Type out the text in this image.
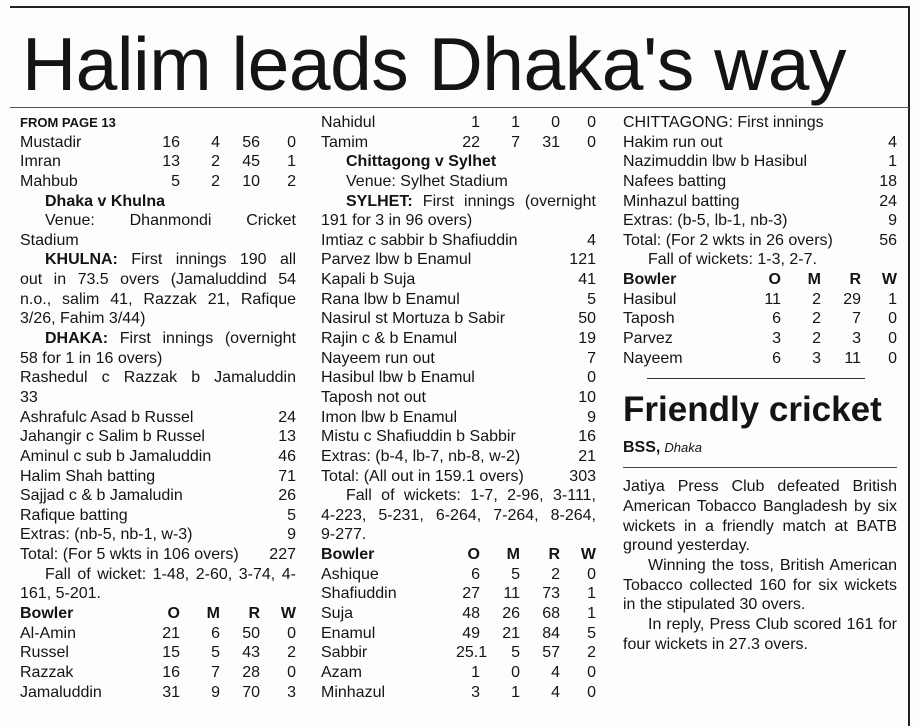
Halim leads Dhaka's way
FROM PAGE 13
Mustadir	16	4	56	0
Imran	13	2	45	1
Mahbub	5	2	10	2
Dhaka v Khulna
Venue: Dhanmondi Cricket
Stadium
KHULNA: First innings 190 all
out in 73.5 overs (Jamaluddind 54
n.o., salim 41, Razzak 21, Rafique
3/26, Fahim 3/44)
DHAKA: First innings (overnight
58 for 1 in 16 overs)
Rashedul c Razzak b Jamaluddin
33
Ashrafulc Asad b Russel	24
Jahangir c Salim b Russel	13
Aminul c sub b Jamaluddin	46
Halim Shah batting	71
Sajjad c & b Jamaludin	26
Rafique batting	5
Extras: (nb-5, nb-1, w-3)	9
Total: (For 5 wkts in 106 overs)	227
Fall of wicket: 1-48, 2-60, 3-74, 4-
161, 5-201.
Bowler	O	M	R	W
Al-Amin	21	6	50	0
Russel	15	5	43	2
Razzak	16	7	28	0
Jamaluddin	31	9	70	3
Nahidul	1	1	0	0
Tamim	22	7	31	0
Chittagong v Sylhet
Venue: Sylhet Stadium
SYLHET: First innings (overnight
191 for 3 in 96 overs)
Imtiaz c sabbir b Shafiuddin	4
Parvez lbw b Enamul	121
Kapali b Suja	41
Rana lbw b Enamul	5
Nasirul st Mortuza b Sabir	50
Rajin c & b Enamul	19
Nayeem run out	7
Hasibul lbw b Enamul	0
Taposh not out	10
Imon lbw b Enamul	9
Mistu c Shafiuddin b Sabbir	16
Extras: (b-4, lb-7, nb-8, w-2)	21
Total: (All out in 159.1 overs)	303
Fall of wickets: 1-7, 2-96, 3-111,
4-223, 5-231, 6-264, 7-264, 8-264,
9-277.
Bowler	O	M	R	W
Ashique	6	5	2	0
Shafiuddin	27	11	73	1
Suja	48	26	68	1
Enamul	49	21	84	5
Sabbir	25.1	5	57	2
Azam	1	0	4	0
Minhazul	3	1	4	0
CHITTAGONG: First innings
Hakim run out	4
Nazimuddin lbw b Hasibul	1
Nafees batting	18
Minhazul batting	24
Extras: (b-5, lb-1, nb-3)	9
Total: (For 2 wkts in 26 overs)	56
Fall of wickets: 1-3, 2-7.
Bowler	O	M	R	W
Hasibul	11	2	29	1
Taposh	6	2	7	0
Parvez	3	2	3	0
Nayeem	6	3	11	0
Friendly cricket
BSS, Dhaka

Jatiya Press Club defeated British American Tobacco Bangladesh by six wickets in a friendly match at BATB ground yesterday.

Winning the toss, British American Tobacco collected 160 for six wickets in the stipulated 30 overs.

In reply, Press Club scored 161 for four wickets in 27.3 overs.
